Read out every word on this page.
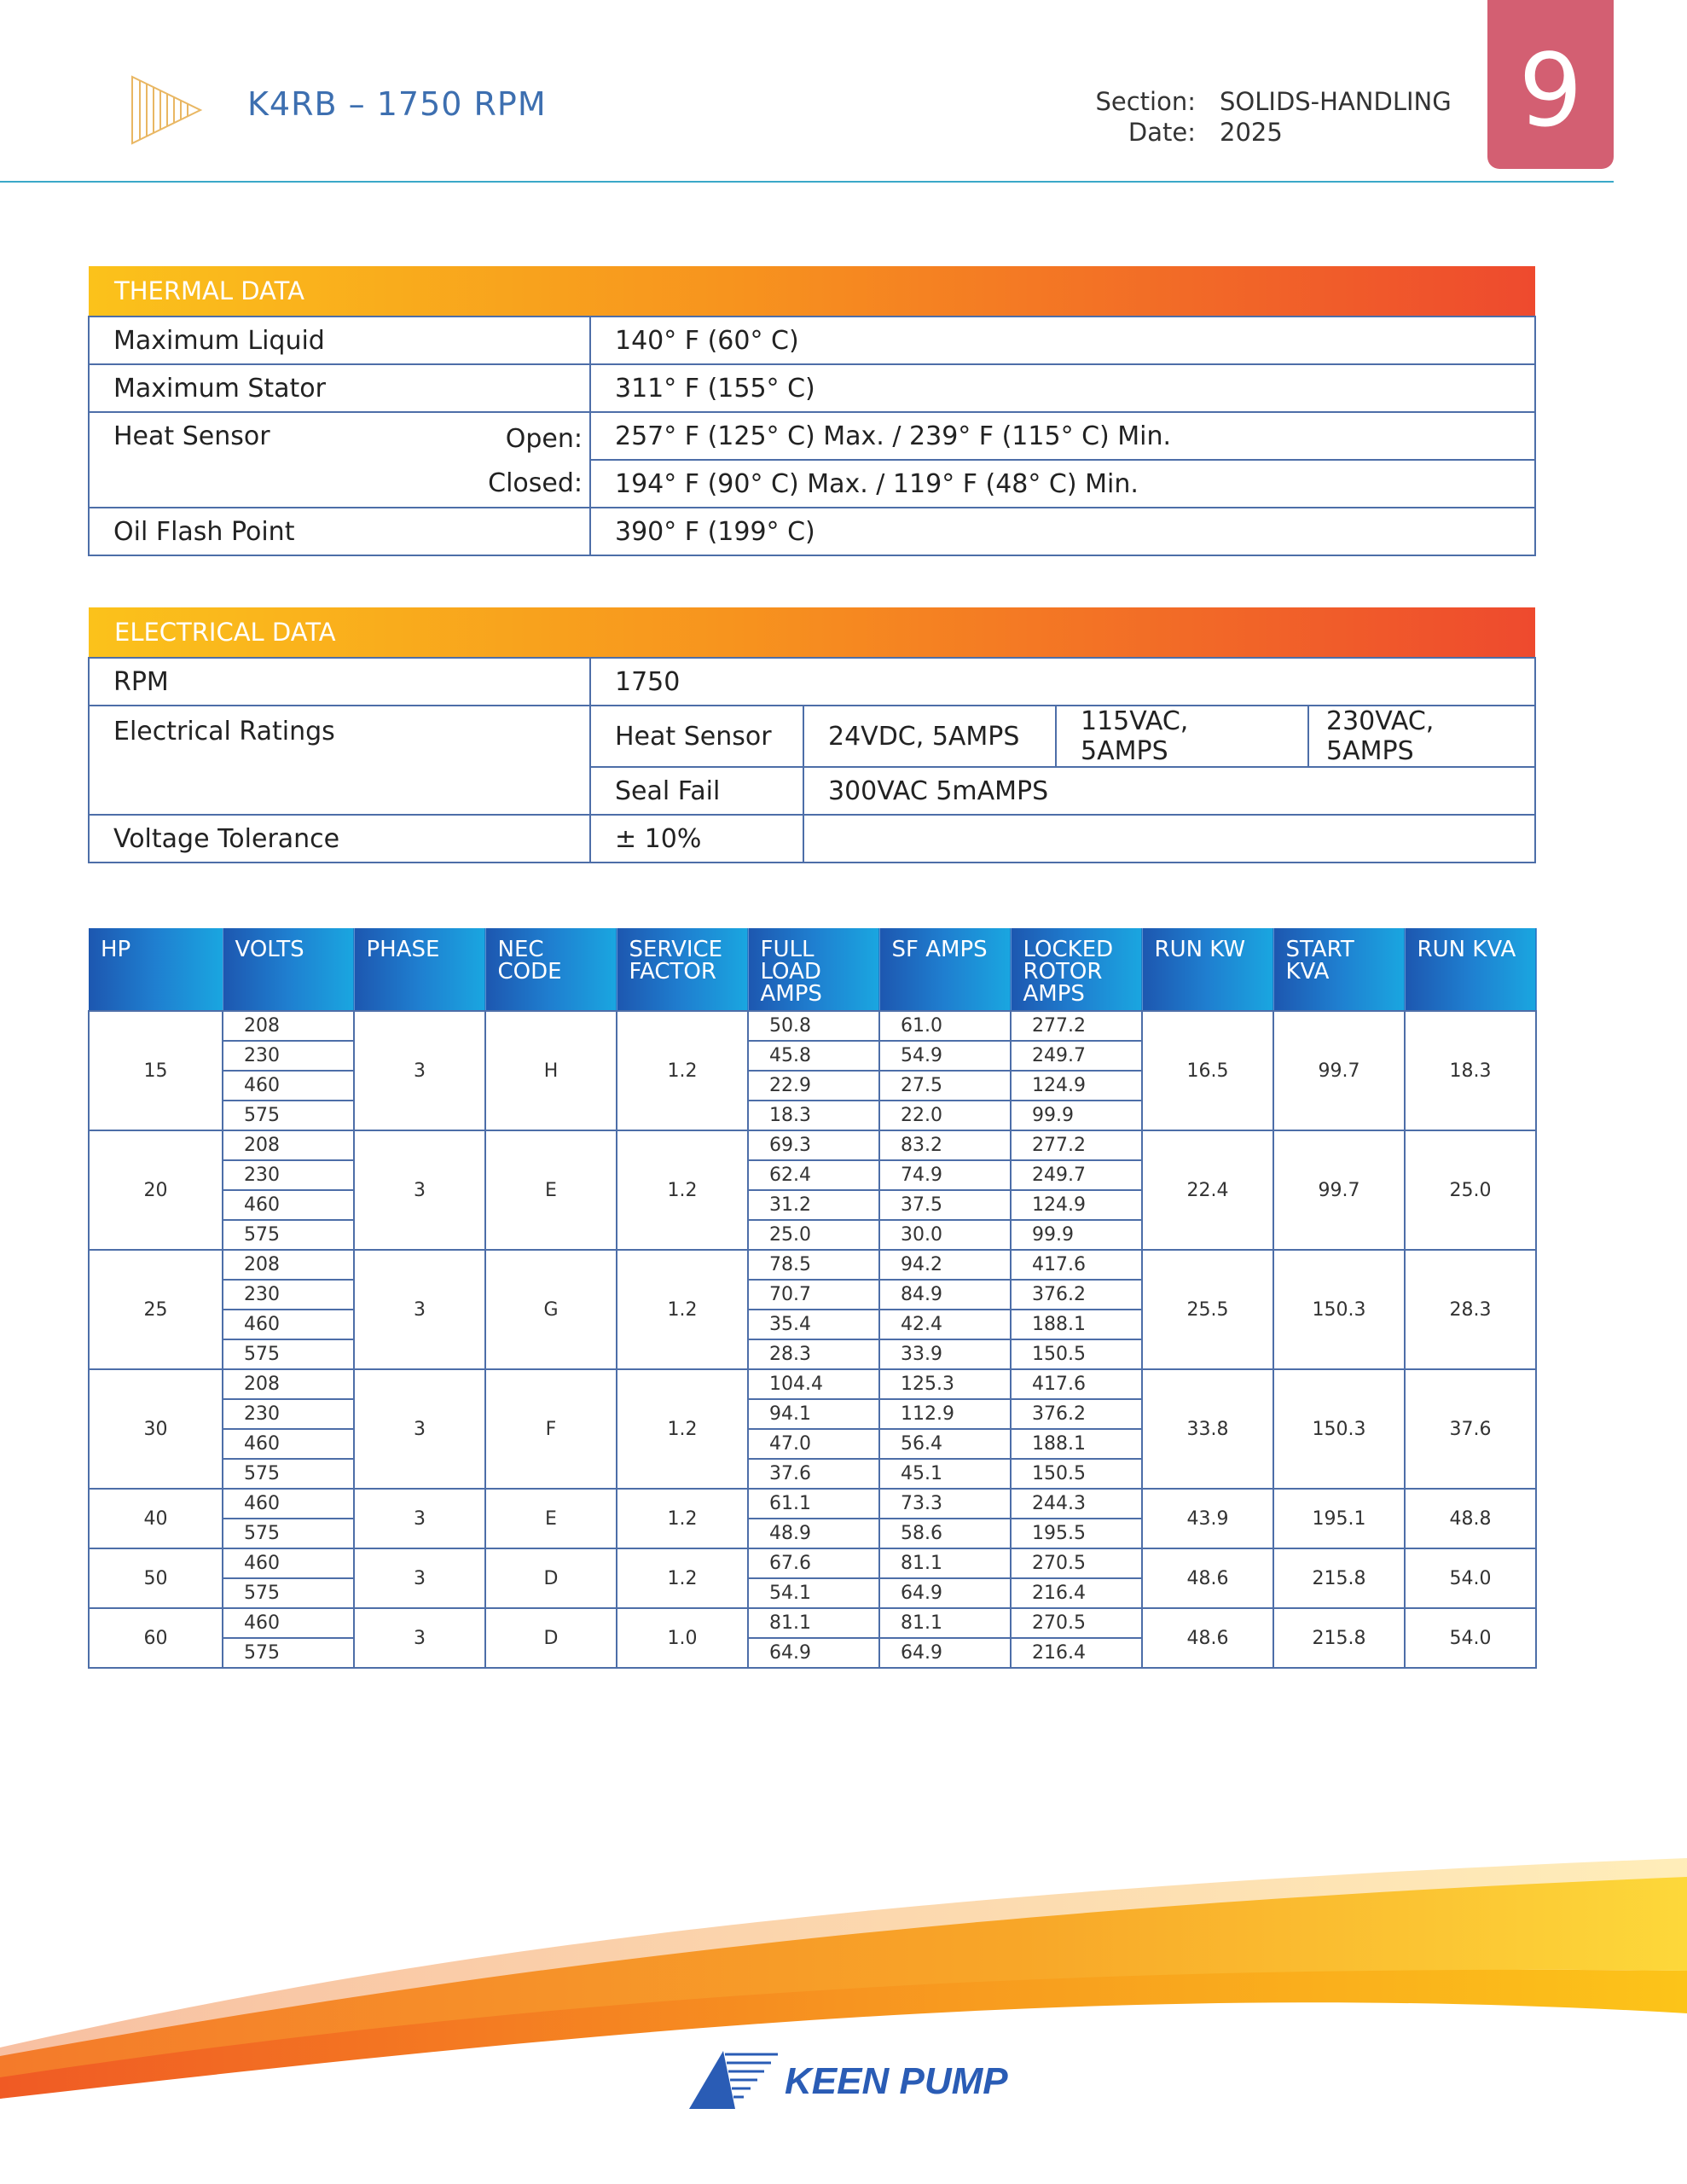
K4RB – 1750 RPM	Section: SOLIDS-HANDLING
Date: 2025	9
THERMAL DATA	
Maximum Liquid	140° F (60° C)
Maximum Stator	311° F (155° C)
Heat Sensor Open:	257° F (125° C) Max. / 239° F (115° C) Min.
Closed:	194° F (90° C) Max. / 119° F (48° C) Min.
Oil Flash Point	390° F (199° C)
ELECTRICAL DATA				
RPM	1750			
Electrical Ratings	Heat Sensor	24VDC, 5AMPS	115VAC, 5AMPS	230VAC, 5AMPS
	Seal Fail	300VAC 5mAMPS		
Voltage Tolerance	± 10%			
HP	VOLTS	PHASE	NEC CODE	SERVICE FACTOR	FULL LOAD AMPS	SF AMPS	LOCKED ROTOR AMPS	RUN KW	START KVA	RUN KVA
15	208	3	H	1.2	50.8	61.0	277.2	16.5	99.7	18.3
	230				45.8	54.9	249.7			
	460				22.9	27.5	124.9			
	575				18.3	22.0	99.9			
20	208	3	E	1.2	69.3	83.2	277.2	22.4	99.7	25.0
	230				62.4	74.9	249.7			
	460				31.2	37.5	124.9			
	575				25.0	30.0	99.9			
25	208	3	G	1.2	78.5	94.2	417.6	25.5	150.3	28.3
	230				70.7	84.9	376.2			
	460				35.4	42.4	188.1			
	575				28.3	33.9	150.5			
30	208	3	F	1.2	104.4	125.3	417.6	33.8	150.3	37.6
	230				94.1	112.9	376.2			
	460				47.0	56.4	188.1			
	575				37.6	45.1	150.5			
40	460	3	E	1.2	61.1	73.3	244.3	43.9	195.1	48.8
	575				48.9	58.6	195.5			
50	460	3	D	1.2	67.6	81.1	270.5	48.6	215.8	54.0
	575				54.1	64.9	216.4			
60	460	3	D	1.0	81.1	81.1	270.5	48.6	215.8	54.0
	575				64.9	64.9	216.4			
KEEN PUMP
